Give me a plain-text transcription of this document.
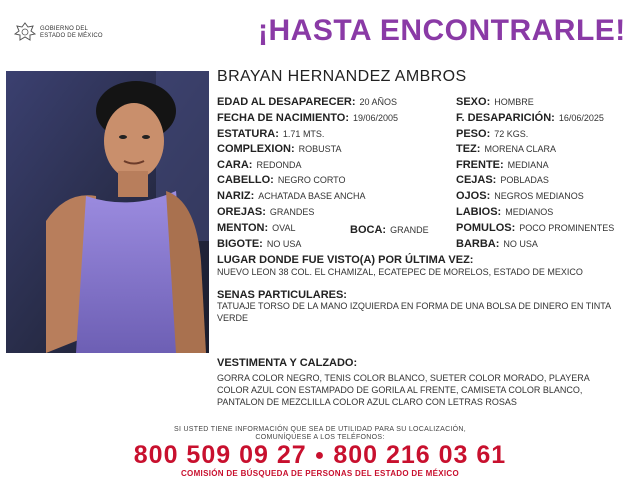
GOBIERNO DEL
ESTADO DE MÉXICO	¡HASTA ENCONTRARLE!
BRAYAN HERNANDEZ AMBROS
EDAD AL DESAPARECER: 20 AÑOS
FECHA DE NACIMIENTO: 19/06/2005
ESTATURA: 1.71 MTS.
COMPLEXION: ROBUSTA
CARA: REDONDA
CABELLO: NEGRO CORTO
NARIZ: ACHATADA BASE ANCHA
OREJAS: GRANDES
MENTON: OVAL	BOCA: GRANDE
BIGOTE: NO USA
SEXO: HOMBRE
F. DESAPARICIÓN: 16/06/2025
PESO: 72 KGS.
TEZ: MORENA CLARA
FRENTE: MEDIANA
CEJAS: POBLADAS
OJOS: NEGROS MEDIANOS
LABIOS: MEDIANOS
POMULOS: POCO PROMINENTES
BARBA: NO USA
LUGAR DONDE FUE VISTO(A) POR ÚLTIMA VEZ:
NUEVO LEON 38 COL. EL CHAMIZAL, ECATEPEC DE MORELOS, ESTADO DE MEXICO
SENAS PARTICULARES:
TATUAJE TORSO DE LA MANO IZQUIERDA EN FORMA DE UNA BOLSA DE DINERO EN TINTA VERDE
VESTIMENTA Y CALZADO:
GORRA COLOR NEGRO, TENIS COLOR BLANCO, SUETER COLOR MORADO, PLAYERA COLOR AZUL CON ESTAMPADO DE GORILA AL FRENTE, CAMISETA COLOR BLANCO, PANTALON DE MEZCLILLA COLOR AZUL CLARO CON LETRAS ROSAS
SI USTED TIENE INFORMACIÓN QUE SEA DE UTILIDAD PARA SU LOCALIZACIÓN,
COMUNÍQUESE A LOS TELÉFONOS:
800 509 09 27 ● 800 216 03 61
COMISIÓN DE BÚSQUEDA DE PERSONAS DEL ESTADO DE MÉXICO
